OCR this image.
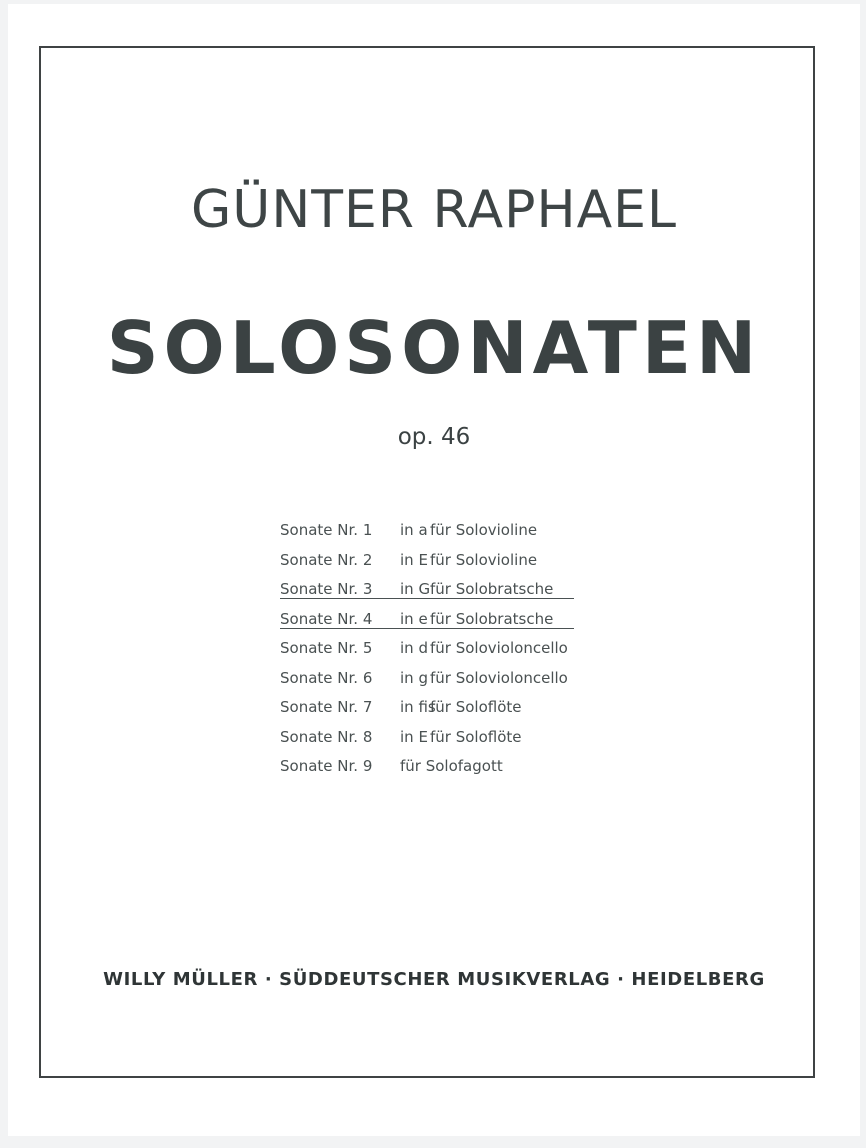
GÜNTER RAPHAEL
SOLOSONATEN
op. 46
Sonate Nr. 1 in a für Solovioline
Sonate Nr. 2 in E für Solovioline
Sonate Nr. 3 in G für Solobratsche
Sonate Nr. 4 in e für Solobratsche
Sonate Nr. 5 in d für Solovioloncello
Sonate Nr. 6 in g für Solovioloncello
Sonate Nr. 7 in fis
für Soloflöte
Sonate Nr. 8 in E für Soloflöte
Sonate Nr. 9 für Solofagott
WILLY MÜLLER · SÜDDEUTSCHER MUSIKVERLAG · HEIDELBERG
